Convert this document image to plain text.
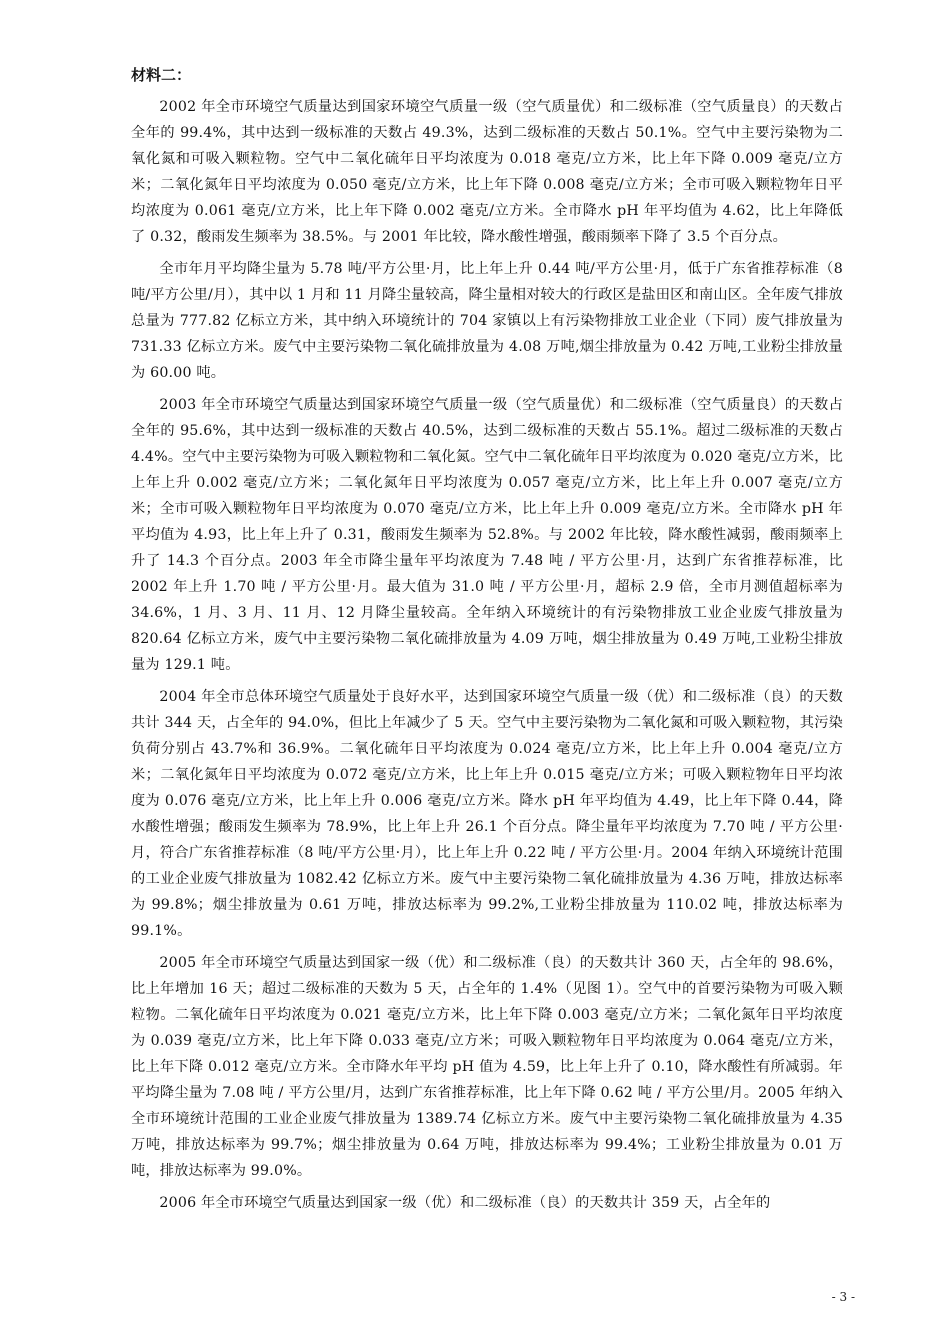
材料二：

2002 年全市环境空气质量达到国家环境空气质量一级（空气质量优）和二级标准（空气质量良）的天数占全年的 99.4%，其中达到一级标准的天数占 49.3%，达到二级标准的天数占 50.1%。空气中主要污染物为二氧化氮和可吸入颗粒物。空气中二氧化硫年日平均浓度为 0.018 毫克/立方米，比上年下降 0.009 毫克/立方米；二氧化氮年日平均浓度为 0.050 毫克/立方米，比上年下降 0.008 毫克/立方米；全市可吸入颗粒物年日平均浓度为 0.061 毫克/立方米，比上年下降 0.002 毫克/立方米。全市降水 pH 年平均值为 4.62，比上年降低了 0.32，酸雨发生频率为 38.5%。与 2001 年比较，降水酸性增强，酸雨频率下降了 3.5 个百分点。

全市年月平均降尘量为 5.78 吨/平方公里·月，比上年上升 0.44 吨/平方公里·月，低于广东省推荐标准（8 吨/平方公里/月），其中以 1 月和 11 月降尘量较高，降尘量相对较大的行政区是盐田区和南山区。全年废气排放总量为 777.82 亿标立方米，其中纳入环境统计的 704 家镇以上有污染物排放工业企业（下同）废气排放量为 731.33 亿标立方米。废气中主要污染物二氧化硫排放量为 4.08 万吨,烟尘排放量为 0.42 万吨,工业粉尘排放量为 60.00 吨。

2003 年全市环境空气质量达到国家环境空气质量一级（空气质量优）和二级标准（空气质量良）的天数占全年的 95.6%，其中达到一级标准的天数占 40.5%，达到二级标准的天数占 55.1%。超过二级标准的天数占 4.4%。空气中主要污染物为可吸入颗粒物和二氧化氮。空气中二氧化硫年日平均浓度为 0.020 毫克/立方米，比上年上升 0.002 毫克/立方米；二氧化氮年日平均浓度为 0.057 毫克/立方米，比上年上升 0.007 毫克/立方米；全市可吸入颗粒物年日平均浓度为 0.070 毫克/立方米，比上年上升 0.009 毫克/立方米。全市降水 pH 年平均值为 4.93，比上年上升了 0.31，酸雨发生频率为 52.8%。与 2002 年比较，降水酸性减弱，酸雨频率上升了 14.3 个百分点。2003 年全市降尘量年平均浓度为 7.48 吨 / 平方公里·月，达到广东省推荐标准，比 2002 年上升 1.70 吨 / 平方公里·月。最大值为 31.0 吨 / 平方公里·月，超标 2.9 倍，全市月测值超标率为 34.6%，1 月、3 月、11 月、12 月降尘量较高。全年纳入环境统计的有污染物排放工业企业废气排放量为 820.64 亿标立方米，废气中主要污染物二氧化硫排放量为 4.09 万吨，烟尘排放量为 0.49 万吨,工业粉尘排放量为 129.1 吨。

2004 年全市总体环境空气质量处于良好水平，达到国家环境空气质量一级（优）和二级标准（良）的天数共计 344 天，占全年的 94.0%，但比上年减少了 5 天。空气中主要污染物为二氧化氮和可吸入颗粒物，其污染负荷分别占 43.7%和 36.9%。二氧化硫年日平均浓度为 0.024 毫克/立方米，比上年上升 0.004 毫克/立方米；二氧化氮年日平均浓度为 0.072 毫克/立方米，比上年上升 0.015 毫克/立方米；可吸入颗粒物年日平均浓度为 0.076 毫克/立方米，比上年上升 0.006 毫克/立方米。降水 pH 年平均值为 4.49，比上年下降 0.44，降水酸性增强；酸雨发生频率为 78.9%，比上年上升 26.1 个百分点。降尘量年平均浓度为 7.70 吨 / 平方公里·月，符合广东省推荐标准（8 吨/平方公里·月），比上年上升 0.22 吨 / 平方公里·月。2004 年纳入环境统计范围的工业企业废气排放量为 1082.42 亿标立方米。废气中主要污染物二氧化硫排放量为 4.36 万吨，排放达标率为 99.8%；烟尘排放量为 0.61 万吨，排放达标率为 99.2%,工业粉尘排放量为 110.02 吨，排放达标率为 99.1%。

2005 年全市环境空气质量达到国家一级（优）和二级标准（良）的天数共计 360 天，占全年的 98.6%，比上年增加 16 天；超过二级标准的天数为 5 天，占全年的 1.4%（见图 1）。空气中的首要污染物为可吸入颗粒物。二氧化硫年日平均浓度为 0.021 毫克/立方米，比上年下降 0.003 毫克/立方米；二氧化氮年日平均浓度为 0.039 毫克/立方米，比上年下降 0.033 毫克/立方米；可吸入颗粒物年日平均浓度为 0.064 毫克/立方米，比上年下降 0.012 毫克/立方米。全市降水年平均 pH 值为 4.59，比上年上升了 0.10，降水酸性有所减弱。年平均降尘量为 7.08 吨 / 平方公里/月，达到广东省推荐标准，比上年下降 0.62 吨 / 平方公里/月。2005 年纳入全市环境统计范围的工业企业废气排放量为 1389.74 亿标立方米。废气中主要污染物二氧化硫排放量为 4.35 万吨，排放达标率为 99.7%；烟尘排放量为 0.64 万吨，排放达标率为 99.4%；工业粉尘排放量为 0.01 万吨，排放达标率为 99.0%。

2006 年全市环境空气质量达到国家一级（优）和二级标准（良）的天数共计 359 天，占全年的

- 3 -
